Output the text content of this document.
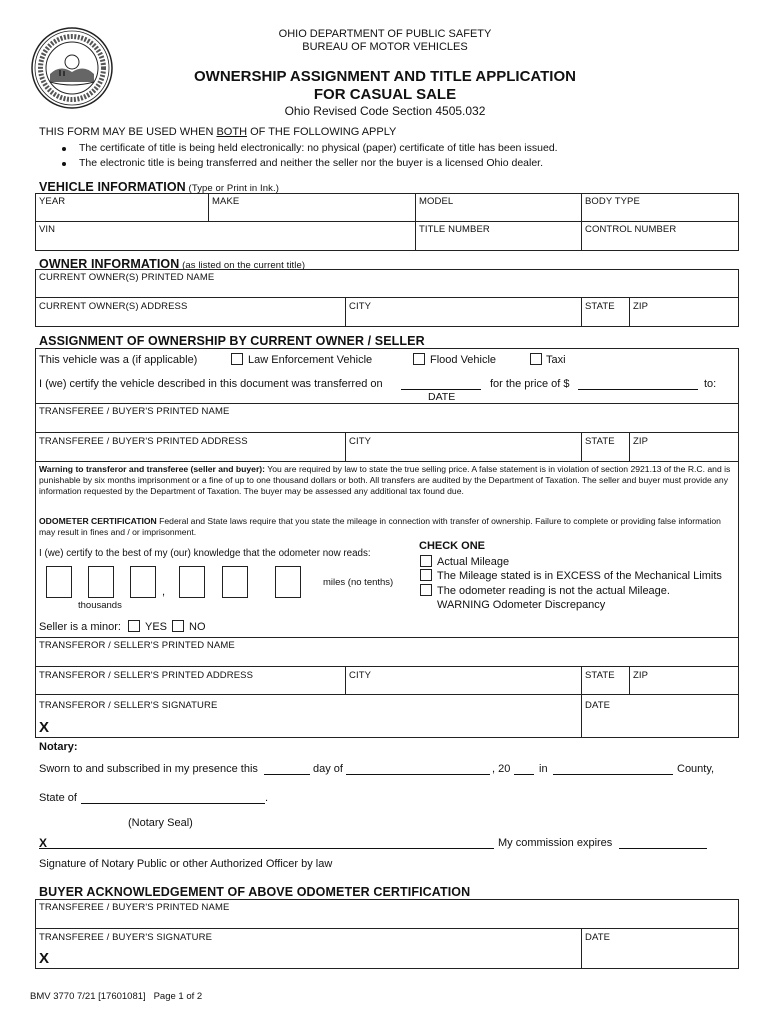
OHIO DEPARTMENT OF PUBLIC SAFETY
BUREAU OF MOTOR VEHICLES
OWNERSHIP ASSIGNMENT AND TITLE APPLICATION
FOR CASUAL SALE
Ohio Revised Code Section 4505.032
THIS FORM MAY BE USED WHEN BOTH OF THE FOLLOWING APPLY
The certificate of title is being held electronically: no physical (paper) certificate of title has been issued.
The electronic title is being transferred and neither the seller nor the buyer is a licensed Ohio dealer.
VEHICLE INFORMATION (Type or Print in Ink.)
YEAR	MAKE	MODEL	BODY TYPE
VIN	TITLE NUMBER	CONTROL NUMBER
OWNER INFORMATION (as listed on the current title)
CURRENT OWNER(S) PRINTED NAME
CURRENT OWNER(S) ADDRESS	CITY	STATE ZIP
ASSIGNMENT OF OWNERSHIP BY CURRENT OWNER / SELLER
This vehicle was a (if applicable)	Law Enforcement Vehicle	Flood Vehicle	Taxi
I (we) certify the vehicle described in this document was transferred on
DATE
for the price of $	to:
TRANSFEREE / BUYER'S PRINTED NAME
TRANSFEREE / BUYER'S PRINTED ADDRESS	CITY	STATE ZIP
Warning to transferor and transferee (seller and buyer): You are required by law to state the true selling price. A false statement is in violation of section 2921.13 of the R.C. and is punishable by six months imprisonment or a fine of up to one thousand dollars or both. All transfers are audited by the Department of Taxation. The seller and buyer must provide any information requested by the Department of Taxation. The buyer may be assessed any additional tax found due.
ODOMETER CERTIFICATION Federal and State laws require that you state the mileage in connection with transfer of ownership. Failure to complete or providing false information may result in fines and / or imprisonment.
I (we) certify to the best of my (our) knowledge that the odometer now reads:
,
thousands
miles (no tenths)
CHECK ONE
Actual Mileage
The Mileage stated is in EXCESS of the Mechanical Limits
The odometer reading is not the actual Mileage.
WARNING Odometer Discrepancy
Seller is a minor: YES NO
TRANSFEROR / SELLER'S PRINTED NAME
TRANSFEROR / SELLER'S PRINTED ADDRESS	CITY	STATE ZIP
TRANSFEROR / SELLER'S SIGNATURE	DATE
X
Notary:
Sworn to and subscribed in my presence this	day of	, 20	in	County,
State of	.
(Notary Seal)
X	My commission expires
Signature of Notary Public or other Authorized Officer by law
BUYER ACKNOWLEDGEMENT OF ABOVE ODOMETER CERTIFICATION
TRANSFEREE / BUYER'S PRINTED NAME
TRANSFEREE / BUYER'S SIGNATURE	DATE
X
BMV 3770 7/21 [17601081]   Page 1 of 2
